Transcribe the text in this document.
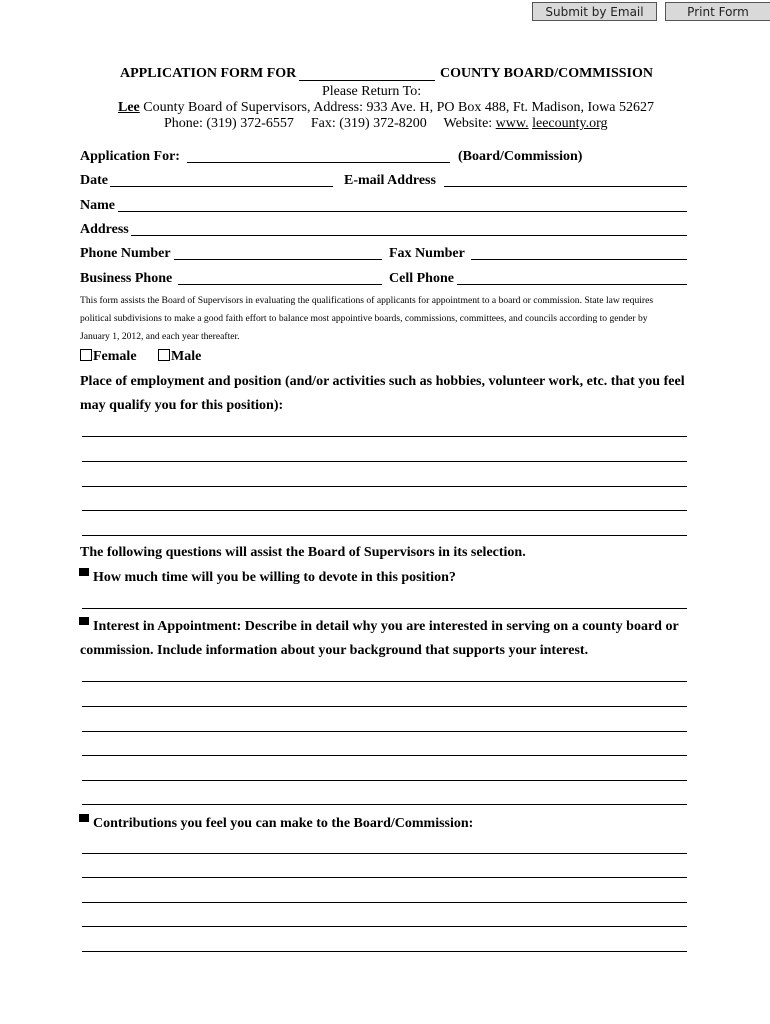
Submit by Email	Print Form
APPLICATION FORM FOR	COUNTY BOARD/COMMISSION
Please Return To:
Lee County Board of Supervisors, Address: 933 Ave. H, PO Box 488, Ft. Madison, Iowa 52627
Phone: (319) 372-6557 Fax: (319) 372-8200 Website: www. leecounty.org
Application For:	(Board/Commission)
Date	E-mail Address
Name
Address
Phone Number	Fax Number
Business Phone	Cell Phone
This form assists the Board of Supervisors in evaluating the qualifications of applicants for appointment to a board or commission. State law requires
political subdivisions to make a good faith effort to balance most appointive boards, commissions, committees, and councils according to gender by
January 1, 2012, and each year thereafter.
Female	Male
Place of employment and position (and/or activities such as hobbies, volunteer work, etc. that you feel
may qualify you for this position):
The following questions will assist the Board of Supervisors in its selection.
How much time will you be willing to devote in this position?
Interest in Appointment: Describe in detail why you are interested in serving on a county board or
commission. Include information about your background that supports your interest.
Contributions you feel you can make to the Board/Commission:
